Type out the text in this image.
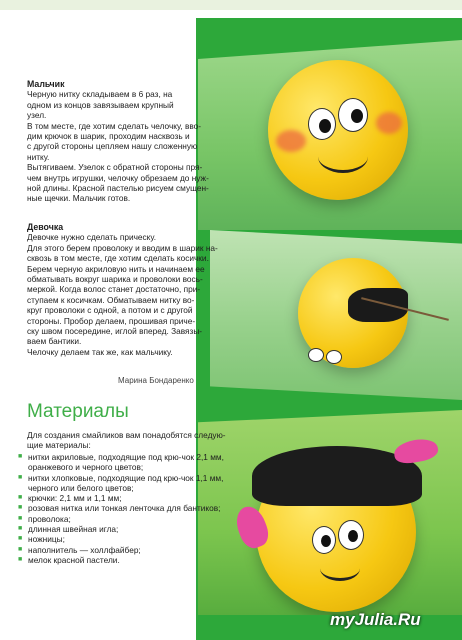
Мальчик

Черную нитку складываем в 6 раз, на

одном из концов завязываем крупный

узел.

В том месте, где хотим сделать челочку, вво-

дим крючок в шарик, проходим насквозь и

с другой стороны цепляем нашу сложенную

нитку.

Вытягиваем. Узелок с обратной стороны пря-

чем внутрь игрушки, челочку обрезаем до нуж-

ной длины. Красной пастелью рисуем смущен-

ные щечки. Мальчик готов.

Девочка

Девочке нужно сделать прическу.

Для этого берем проволоку и вводим в шарик на-

сквозь в том месте, где хотим сделать косички.

Берем черную акриловую нить и начинаем ее

обматывать вокруг шарика и проволоки вось-

меркой. Когда волос станет достаточно, при-

ступаем к косичкам. Обматываем нитку во-

круг проволоки с одной, а потом и с другой

стороны. Пробор делаем, прошивая приче-

ску швом посередине, иглой вперед. Завязы-

ваем бантики.

Челочку делаем так же, как мальчику.

Марина Бондаренко
Материалы

Для создания смайликов вам понадобятся следую-щие материалы:

■ нитки акриловые, подходящие под крю-чок 2,1 мм, оранжевого и черного цветов;
■ нитки хлопковые, подходящие под крю-чок 1,1 мм, черного или белого цветов;
■ крючки: 2,1 мм и 1,1 мм;
■ розовая нитка или тонкая ленточка для бантиков;
■ проволока;
■ длинная швейная игла;
■ ножницы;
■ наполнитель — холлфайбер;
■ мелок красной пастели.
myJulia.Ru
